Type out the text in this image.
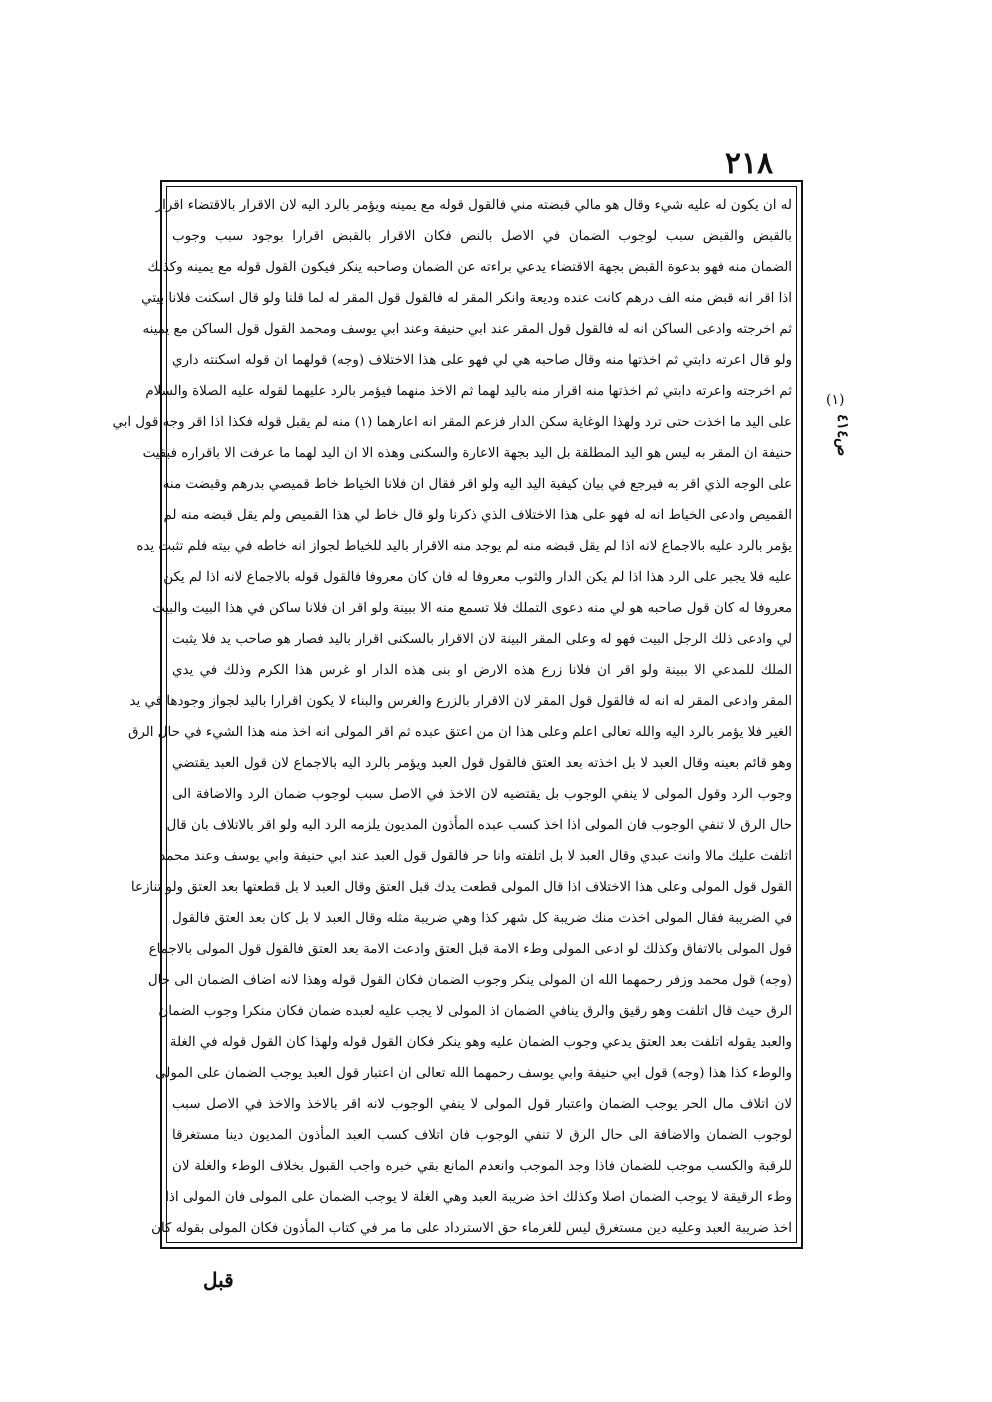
٢١٨
(١)
ص٤١٤
له ان يكون له عليه شيء وقال هو مالي قبضته مني فالقول قوله مع يمينه ويؤمر بالرد اليه لان الاقرار بالاقتضاء اقرار
بالقبض والقبض سبب لوجوب الضمان في الاصل بالنص فكان الاقرار بالقبض اقرارا بوجود سبب وجوب
الضمان منه فهو بدعوة القبض بجهة الاقتضاء يدعي براءته عن الضمان وصاحبه ينكر فيكون القول قوله مع يمينه وكذلك
اذا اقر انه قبض منه الف درهم كانت عنده وديعة وانكر المقر له فالقول قول المقر له لما قلنا ولو قال اسكنت فلانا بيتي
ثم اخرجته وادعى الساكن انه له فالقول قول المقر عند ابي حنيفة وعند ابي يوسف ومحمد القول قول الساكن مع يمينه
ولو قال اعرته دابتي ثم اخذتها منه وقال صاحبه هي لي فهو على هذا الاختلاف (وجه) قولهما ان قوله اسكنته داري
ثم اخرجته واعرته دابتي ثم اخذتها منه اقرار منه باليد لهما ثم الاخذ منهما فيؤمر بالرد عليهما لقوله عليه الصلاة والسلام
على اليد ما اخذت حتى ترد ولهذا الوغاية سكن الدار فزعم المقر انه اعارهما (١) منه لم يقبل قوله فكذا اذا اقر وجه قول ابي
حنيفة ان المقر به ليس هو اليد المطلقة بل اليد بجهة الاعارة والسكنى وهذه الا ان اليد لهما ما عرفت الا باقراره فبقيت
على الوجه الذي اقر به فيرجع في بيان كيفية اليد اليه ولو اقر فقال ان فلانا الخياط خاط قميصي بدرهم وقبضت منه
القميص وادعى الخياط انه له فهو على هذا الاختلاف الذي ذكرنا ولو قال خاط لي هذا القميص ولم يقل قبضه منه لم
يؤمر بالرد عليه بالاجماع لانه اذا لم يقل قبضه منه لم يوجد منه الاقرار باليد للخياط لجواز انه خاطه في بيته فلم تثبت يده
عليه فلا يجبر على الرد هذا اذا لم يكن الدار والثوب معروفا له فان كان معروفا فالقول قوله بالاجماع لانه اذا لم يكن
معروفا له كان قول صاحبه هو لي منه دعوى التملك فلا تسمع منه الا ببينة ولو اقر ان فلانا ساكن في هذا البيت والبيت
لي وادعى ذلك الرجل البيت فهو له وعلى المقر البينة لان الاقرار بالسكنى اقرار باليد فصار هو صاحب يد فلا يثبت
الملك للمدعي الا ببينة ولو اقر ان فلانا زرع هذه الارض او بنى هذه الدار او غرس هذا الكرم وذلك في يدي
المقر وادعى المقر له انه له فالقول قول المقر لان الاقرار بالزرع والغرس والبناء لا يكون اقرارا باليد لجواز وجودها في يد
الغير فلا يؤمر بالرد اليه والله تعالى اعلم وعلى هذا ان من اعتق عبده ثم اقر المولى انه اخذ منه هذا الشيء في حال الرق
وهو قائم بعينه وقال العبد لا بل اخذته بعد العتق فالقول قول العبد ويؤمر بالرد اليه بالاجماع لان قول العبد يقتضي
وجوب الرد وقول المولى لا ينفي الوجوب بل يقتضيه لان الاخذ في الاصل سبب لوجوب ضمان الرد والاضافة الى
حال الرق لا تنفي الوجوب فان المولى اذا اخذ كسب عبده المأذون المديون يلزمه الرد اليه ولو اقر بالاتلاف بان قال
اتلفت عليك مالا وانت عبدي وقال العبد لا بل اتلفته وانا حر فالقول قول العبد عند ابي حنيفة وابي يوسف وعند محمد
القول قول المولى وعلى هذا الاختلاف اذا قال المولى قطعت يدك قبل العتق وقال العبد لا بل قطعتها بعد العتق ولو تنازعا
في الضريبة فقال المولى اخذت منك ضريبة كل شهر كذا وهي ضريبة مثله وقال العبد لا بل كان بعد العتق فالقول
قول المولى بالاتفاق وكذلك لو ادعى المولى وطء الامة قبل العتق وادعت الامة بعد العتق فالقول قول المولى بالاجماع
(وجه) قول محمد وزفر رحمهما الله ان المولى ينكر وجوب الضمان فكان القول قوله وهذا لانه اضاف الضمان الى حال
الرق حيث قال اتلفت وهو رقيق والرق ينافي الضمان اذ المولى لا يجب عليه لعبده ضمان فكان منكرا وجوب الضمان
والعبد يقوله اتلفت بعد العتق يدعي وجوب الضمان عليه وهو ينكر فكان القول قوله ولهذا كان القول قوله في الغلة
والوطء كذا هذا (وجه) قول ابي حنيفة وابي يوسف رحمهما الله تعالى ان اعتبار قول العبد يوجب الضمان على المولى
لان اتلاف مال الحر يوجب الضمان واعتبار قول المولى لا ينفي الوجوب لانه اقر بالاخذ والاخذ في الاصل سبب
لوجوب الضمان والاضافة الى حال الرق لا تنفي الوجوب فان اتلاف كسب العبد المأذون المديون دينا مستغرقا
للرقبة والكسب موجب للضمان فاذا وجد الموجب وانعدم المانع بقي خبره واجب القبول بخلاف الوطء والغلة لان
وطء الرقيقة لا يوجب الضمان اصلا وكذلك اخذ ضريبة العبد وهي الغلة لا يوجب الضمان على المولى فان المولى اذا
اخذ ضريبة العبد وعليه دين مستغرق ليس للغرماء حق الاسترداد على ما مر في كتاب المأذون فكان المولى بقوله كان
قبل
